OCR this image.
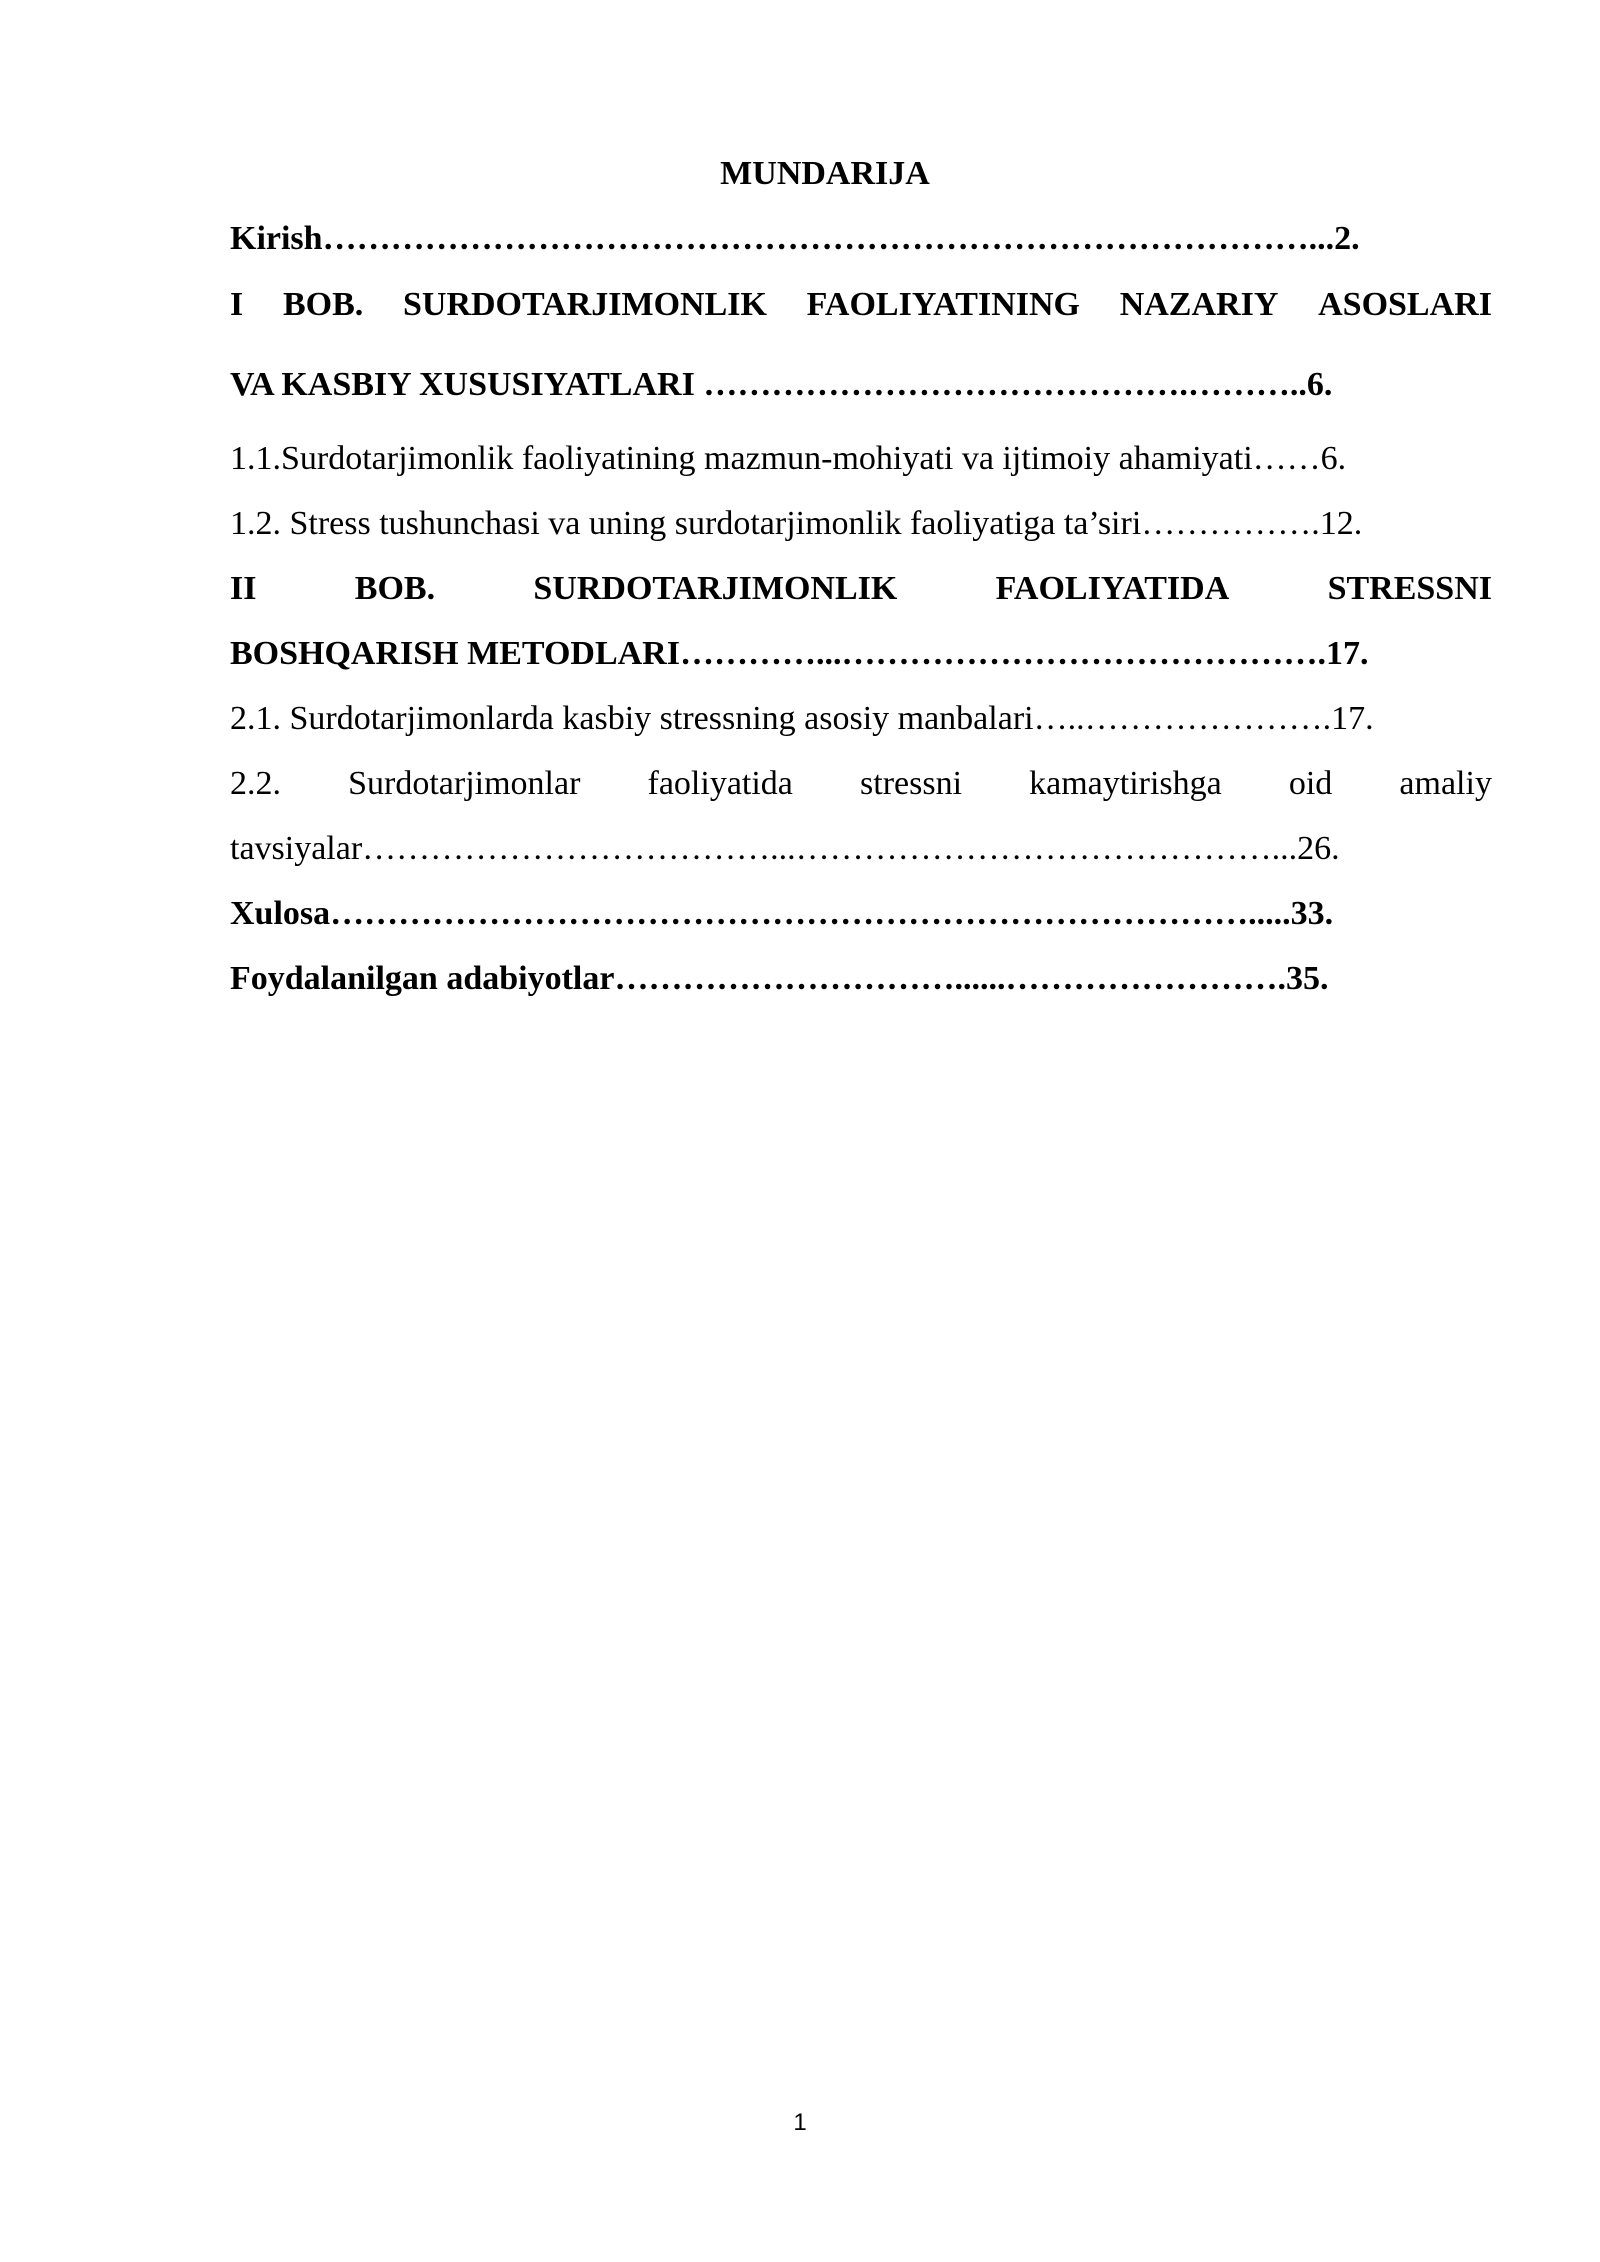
MUNDARIJA
Kirish……………………………………………………………………………...2.
I BOB. SURDOTARJIMONLIK FAOLIYATINING NAZARIY ASOSLARI
VA KASBIY XUSUSIYATLARI …………………………………….………..6.
1.1.Surdotarjimonlik faoliyatining mazmun-mohiyati va ijtimoiy ahamiyati……6.
1.2. Stress tushunchasi va uning surdotarjimonlik faoliyatiga ta’siri…………….12.
II	BOB.	SURDOTARJIMONLIK	FAOLIYATIDA	STRESSNI
BOSHQARISH METODLARI…………...…………………………………….17.
2.1. Surdotarjimonlarda kasbiy stressning asosiy manbalari…..………………….17.
2.2. Surdotarjimonlar faoliyatida stressni kamaytirishga oid amaliy
tavsiyalar………………………………...……………………………………...26.
Xulosa……………………………………………………………………….....33.
Foydalanilgan adabiyotlar…………………………......…………………….35.
1
